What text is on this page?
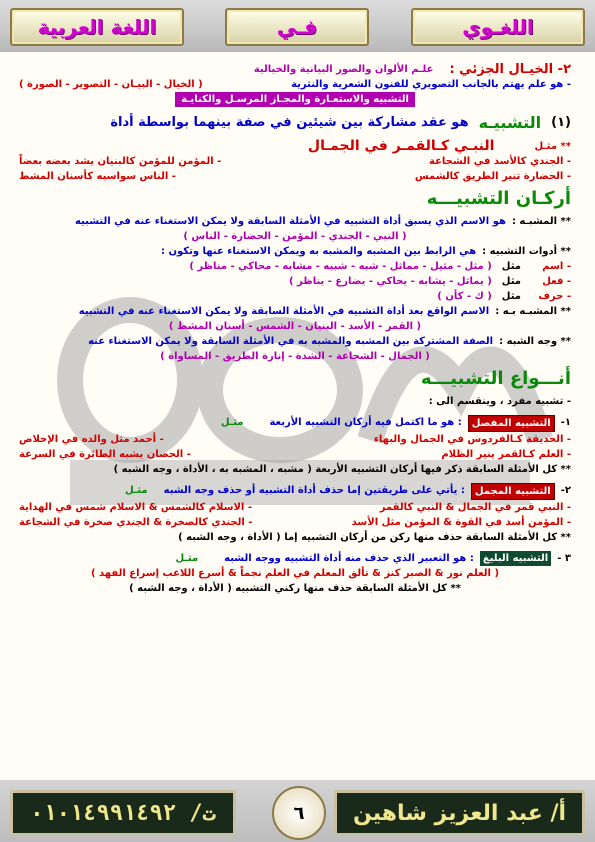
اللغـوي
فـي
اللغة العربية
٢- الخيـال الجزئي :
علـم الألوان والصور البيانية والخيالية
- هو علم يهتم بالجانب التصويري للفنون الشعرية والنثرية
( الخيال - البيـان - التصوير - الصورة )
التشبيه والاستعـارة والمجـاز المرسـل والكنايـة
(١)
التشبيـه
هو عقد مشاركة بين شيئين في صفة بينهما بواسطة أداة
** مثـل
النبـي كـالقمـر في الجمـال
- الجندي كالأسد في الشجاعة
- المؤمن للمؤمن كالبنيان يشد بعضه بعضاً
- الحضارة تنير الطريق كالشمس
- الناس سواسيه كأسنان المشط
أركـان التشبيـــه
** المشبـه :
هو الاسم الذي يسبق أداة التشبيه في الأمثلة السابقة ولا يمكن الاستغناء عنه في التشبيه
( النبي - الجندي - المؤمن - الحضارة - الناس )
** أدوات التشبيه :
هي الرابط بين المشبه والمشبه به ويمكن الاستغناء عنها وتكون :
- اسم
مثل
( مثل - مثيل - مماثل - شبه - شبيه - مشابه - محاكي - مناظر )
- فعل
مثل
( يماثل - يشابه - يحاكي - يضارع - يناظر )
- حرف
مثل
( ك - كأن )
** المشبـه بـه :
الاسم الواقع بعد أداة التشبيه في الأمثلة السابقة ولا يمكن الاستغناء عنه في التشبيه
( القمر - الأسد - البنيان - الشمس - أسنان المشط )
** وجه الشبه :
الصفة المشتركة بين المشبه والمشبه به في الأمثلة السابقة ولا يمكن الاستغناء عنه
( الجمال - الشجاعة - الشدة - إنارة الطريق - المساواة )
أنـــواع التشبيـــه
- تشبيه مفرد ، وينقسم الى :
١-
التشبيه المفصل
: هو ما اكتمل فيه أركان التشبيه الأربعة
مثـل
- الحديقة كـالفردوس في الجمال والبهاء
- أحمد مثل والده في الإخلاص
- العلم كـالقمر ينير الظلام
- الحصان يشبه الطائرة في السرعة
** كل الأمثلة السابقة ذكر فيها أركان التشبيه الأربعة ( مشبه ، المشبه به ، الأداة ، وجه الشبه )
٢-
التشبيه المجمل
: يأتي على طريقتين إما حذف أداة التشبيه أو حذف وجه الشبه
مثـل
- النبي قمر في الجمال & النبي كالقمر
- الاسلام كالشمس & الاسلام شمس في الهداية
- المؤمن أسد في القوة & المؤمن مثل الأسد
- الجندي كالصخرة & الجندي صخرة في الشجاعة
** كل الأمثلة السابقة حذف منها ركن من أركان التشبيه إما ( الأداة ، وجه الشبه )
٣ -
التشبيه البليغ
: هو التعبير الذي حذف منه أداة التشبيه ووجه الشبه
مثـل
( العلم نور & الصبر كنز & تألق المعلم في العلم نجماً & أسرع اللاعب إسراع الفهد )
** كل الأمثلة السابقة حذف منها ركني التشبيه ( الأداة ، وجه الشبه )
أ/ عبد العزيز شاهين
٦
ت/ ٠١٠١٤٩٩١٤٩٢
